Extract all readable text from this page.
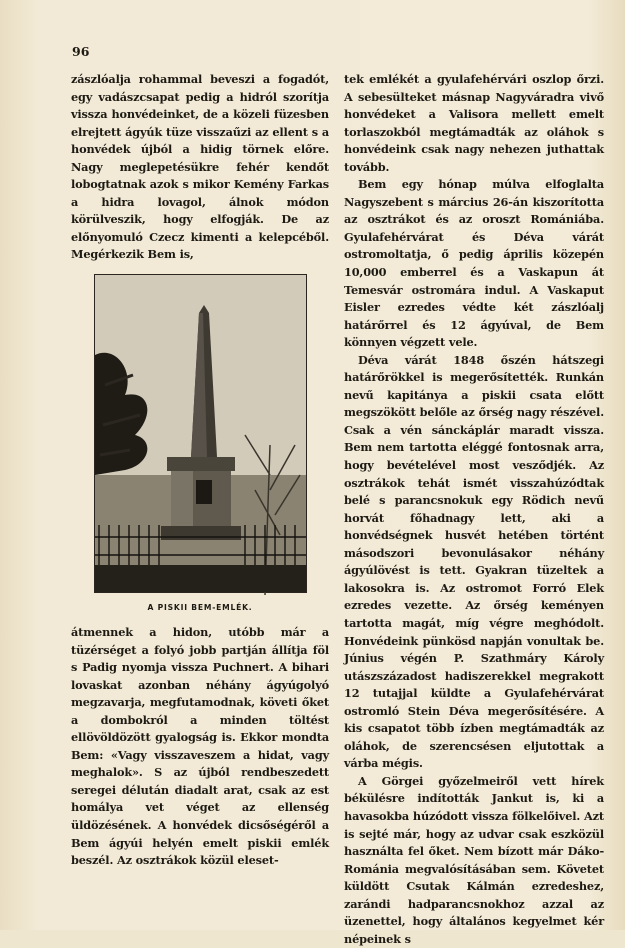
96

zászlóalja rohammal beveszi a fogadót, egy vadászcsapat pedig a hidról szorítja vissza honvédeinket, de a közeli füzesben elrejtett ágyúk tüze visszaűzi az ellent s a honvédek újból a hidig törnek előre. Nagy meglepetésükre fehér kendőt lobogtatnak azok s mikor Kemény Farkas a hidra lovagol, álnok módon körülveszik, hogy elfogják. De az előnyomuló Czecz kimenti a kelepcéből. Megérkezik Bem is,

A PISKII BEM-EMLÉK.

átmennek a hidon, utóbb már a tüzérséget a folyó jobb partján állítja föl s Padig nyomja vissza Puchnert. A bihari lovaskat azonban néhány ágyúgolyó megzavarja, megfutamodnak, követi őket a dombokról a minden töltést ellövöldözött gyalogság is. Ekkor mondta Bem: «Vagy visszaveszem a hidat, vagy meghalok». S az újból rendbeszedett seregei délután diadalt arat, csak az est homálya vet véget az ellenség üldözésének. A honvédek dicsőségéről a Bem ágyúi helyén emelt piskii emlék beszél. Az osztrákok közül eleset-

tek emlékét a gyulafehérvári oszlop őrzi. A sebesülteket másnap Nagyváradra vivő honvédeket a Valisora mellett emelt torlaszokból megtámadták az oláhok s honvédeink csak nagy nehezen juthattak tovább.

Bem egy hónap múlva elfoglalta Nagyszebent s március 26-án kiszorította az osztrákot és az oroszt Romániába. Gyulafehérvárat és Déva várát ostromoltatja, ő pedig április közepén 10,000 emberrel és a Vaskapun át Temesvár ostromára indul. A Vaskaput Eisler ezredes védte két zászlóalj határőrrel és 12 ágyúval, de Bem könnyen végzett vele.

Déva várát 1848 őszén hátszegi határőrökkel is megerősítették. Runkán nevű kapitánya a piskii csata előtt megszökött belőle az őrség nagy részével. Csak a vén sánckáplár maradt vissza. Bem nem tartotta eléggé fontosnak arra, hogy bevételével most vesződjék. Az osztrákok tehát ismét visszahúzódtak belé s parancsnokuk egy Rödich nevű horvát főhadnagy lett, aki a honvédségnek husvét hetében történt másodszori bevonulásakor néhány ágyúlövést is tett. Gyakran tüzeltek a lakosokra is. Az ostromot Forró Elek ezredes vezette. Az őrség keményen tartotta magát, míg végre meghódolt. Honvédeink pünkösd napján vonultak be. Június végén P. Szathmáry Károly utászszázadost hadiszerekkel megrakott 12 tutajjal küldte a Gyulafehérvárat ostromló Stein Déva megerősítésére. A kis csapatot több ízben megtámadták az oláhok, de szerencsésen eljutottak a várba mégis.

A Görgei győzelmeiről vett hírek békülésre indították Jankut is, ki a havasokba húzódott vissza fölkelőivel. Azt is sejté már, hogy az udvar csak eszközül használta fel őket. Nem bízott már Dáko-Románia megvalósításában sem. Követet küldött Csutak Kálmán ezredeshez, zarándi hadparancsnokhoz azzal az üzenettel, hogy általános kegyelmet kér népeinek s
